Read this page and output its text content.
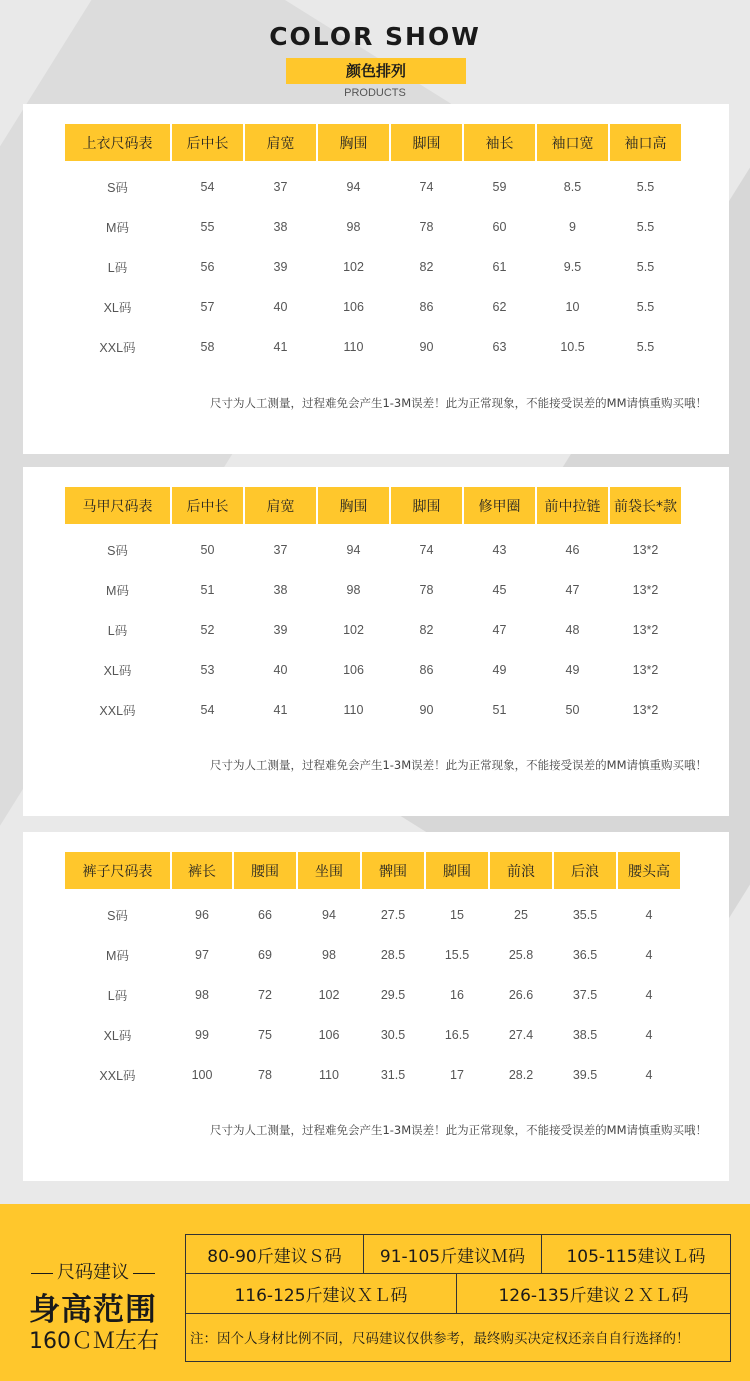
COLOR SHOW
颜色排列
PRODUCTS
上衣尺码表	后中长	肩宽	胸围	脚围	袖长	袖口宽	袖口高
S码	54	37	94	74	59	8.5	5.5
M码	55	38	98	78	60	9	5.5
L码	56	39	102	82	61	9.5	5.5
XL码	57	40	106	86	62	10	5.5
XXL码	58	41	110	90	63	10.5	5.5
尺寸为人工测量，过程难免会产生1-3M误差！此为正常现象，不能接受误差的MM请慎重购买哦！
马甲尺码表	后中长	肩宽	胸围	脚围	修甲圈	前中拉链	前袋长*款
S码	50	37	94	74	43	46	13*2
M码	51	38	98	78	45	47	13*2
L码	52	39	102	82	47	48	13*2
XL码	53	40	106	86	49	49	13*2
XXL码	54	41	110	90	51	50	13*2
尺寸为人工测量，过程难免会产生1-3M误差！此为正常现象，不能接受误差的MM请慎重购买哦！
裤子尺码表	裤长	腰围	坐围	髀围	脚围	前浪	后浪	腰头高
S码	96	66	94	27.5	15	25	35.5	4
M码	97	69	98	28.5	15.5	25.8	36.5	4
L码	98	72	102	29.5	16	26.6	37.5	4
XL码	99	75	106	30.5	16.5	27.4	38.5	4
XXL码	100	78	110	31.5	17	28.2	39.5	4
尺寸为人工测量，过程难免会产生1-3M误差！此为正常现象，不能接受误差的MM请慎重购买哦！
尺码建议
身高范围
160ＣＭ左右
80-90斤建议Ｓ码	91-105斤建议Ｍ码	105-115建议Ｌ码
116-125斤建议ＸＬ码	126-135斤建议２ＸＬ码
注：因个人身材比例不同，尺码建议仅供参考，最终购买决定权还亲自自行选择的！
